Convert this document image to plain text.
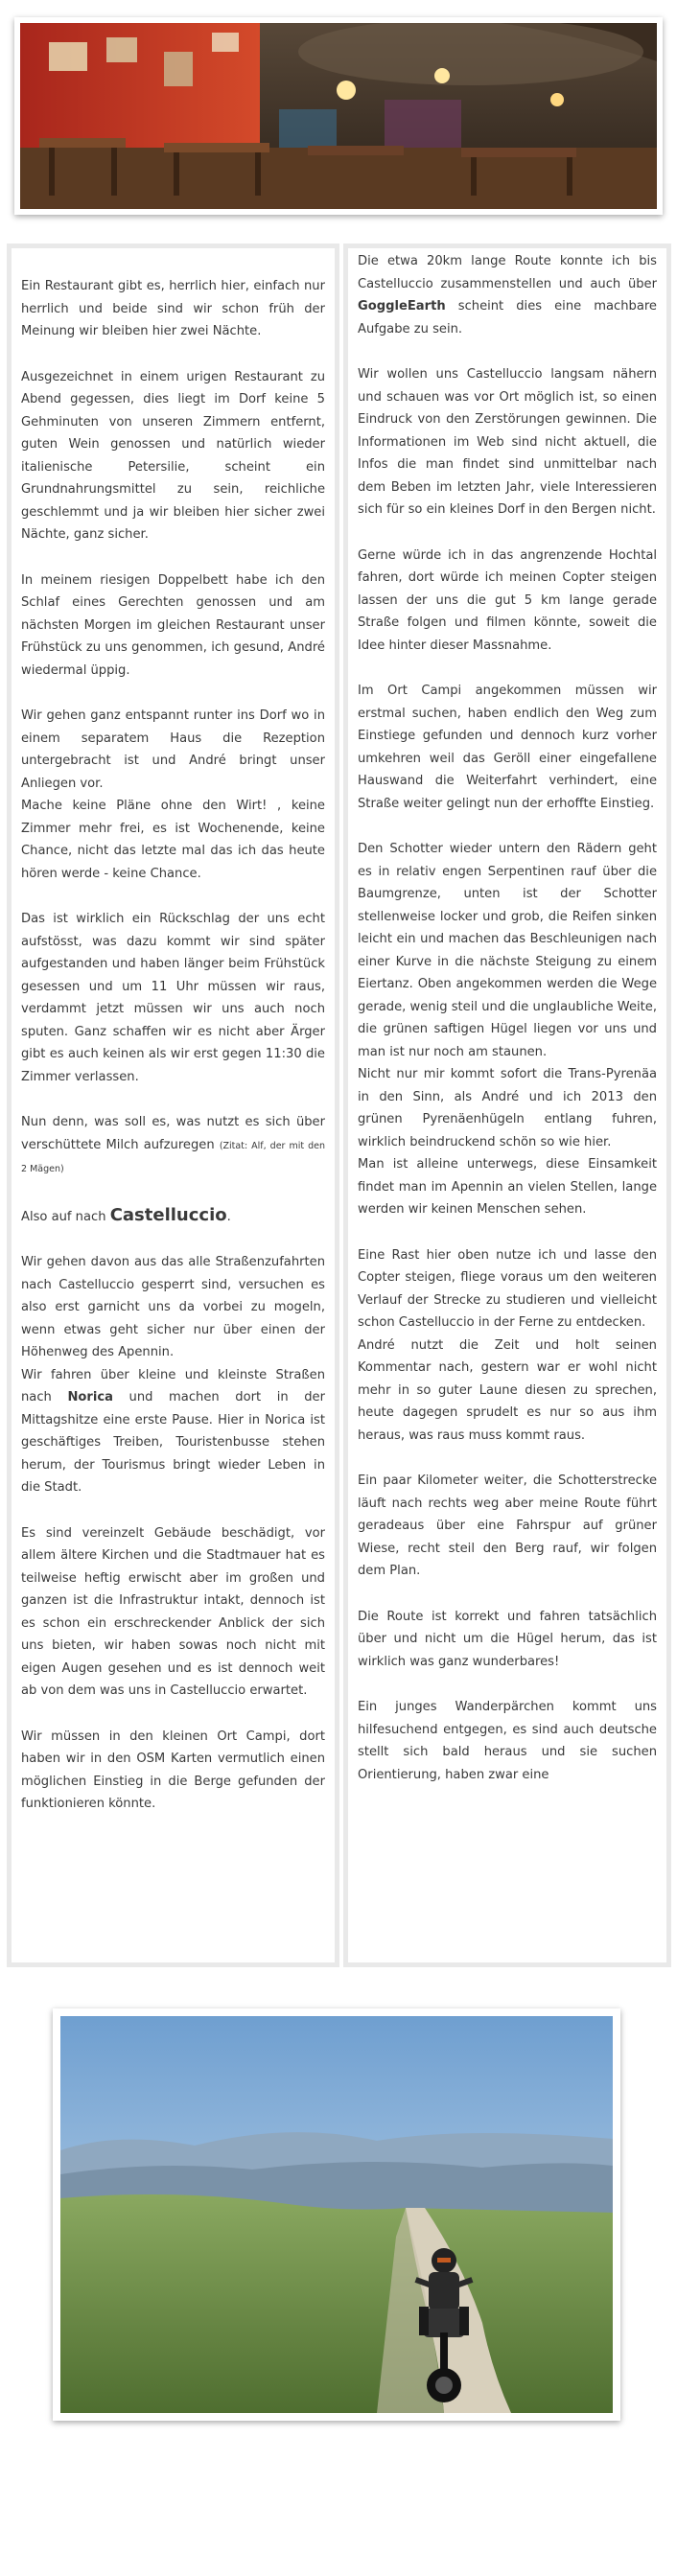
Ein Restaurant gibt es, herrlich hier, einfach nur herrlich und beide sind wir schon früh der Meinung wir bleiben hier zwei Nächte.

Ausgezeichnet in einem urigen Restaurant zu Abend gegessen, dies liegt im Dorf keine 5 Gehminuten von unseren Zimmern entfernt, guten Wein genossen und natürlich wieder italienische Petersilie, scheint ein Grundnahrungsmittel zu sein, reichliche geschlemmt und ja wir bleiben hier sicher zwei Nächte, ganz sicher.

In meinem riesigen Doppelbett habe ich den Schlaf eines Gerechten genossen und am nächsten Morgen im gleichen Restaurant unser Frühstück zu uns genommen, ich gesund, André wiedermal üppig.

Wir gehen ganz entspannt runter ins Dorf wo in einem separatem Haus die Rezeption untergebracht ist und André bringt unser Anliegen vor.
Mache keine Pläne ohne den Wirt! , keine Zimmer mehr frei, es ist Wochenende, keine Chance, nicht das letzte mal das ich das heute hören werde - keine Chance.

Das ist wirklich ein Rückschlag der uns echt aufstösst, was dazu kommt wir sind später aufgestanden und haben länger beim Frühstück gesessen und um 11 Uhr müssen wir raus, verdammt jetzt müssen wir uns auch noch sputen. Ganz schaffen wir es nicht aber Ärger gibt es auch keinen als wir erst gegen 11:30 die Zimmer verlassen.

Nun denn, was soll es, was nutzt es sich über verschüttete Milch aufzuregen (Zitat: Alf, der mit den 2 Mägen)

Also auf nach Castelluccio.

Wir gehen davon aus das alle Straßenzufahrten nach Castelluccio gesperrt sind, versuchen es also erst garnicht uns da vorbei zu mogeln, wenn etwas geht sicher nur über einen der Höhenweg des Apennin.
Wir fahren über kleine und kleinste Straßen nach Norica und machen dort in der Mittagshitze eine erste Pause. Hier in Norica ist geschäftiges Treiben, Touristenbusse stehen herum, der Tourismus bringt wieder Leben in die Stadt.

Es sind vereinzelt Gebäude beschädigt, vor allem ältere Kirchen und die Stadtmauer hat es teilweise heftig erwischt aber im großen und ganzen ist die Infrastruktur intakt, dennoch ist es schon ein erschreckender Anblick der sich uns bieten, wir haben sowas noch nicht mit eigen Augen gesehen und es ist dennoch weit ab von dem was uns in Castelluccio erwartet.

Wir müssen in den kleinen Ort Campi, dort haben wir in den OSM Karten vermutlich einen möglichen Einstieg in die Berge gefunden der funktionieren könnte.

Die etwa 20km lange Route konnte ich bis Castelluccio zusammenstellen und auch über GoggleEarth scheint dies eine machbare Aufgabe zu sein.

Wir wollen uns Castelluccio langsam nähern und schauen was vor Ort möglich ist, so einen Eindruck von den Zerstörungen gewinnen. Die Informationen im Web sind nicht aktuell, die Infos die man findet sind unmittelbar nach dem Beben im letzten Jahr, viele Interessieren sich für so ein kleines Dorf in den Bergen nicht.

Gerne würde ich in das angrenzende Hochtal fahren, dort würde ich meinen Copter steigen lassen der uns die gut 5 km lange gerade Straße folgen und filmen könnte, soweit die Idee hinter dieser Massnahme.

Im Ort Campi angekommen müssen wir erstmal suchen, haben endlich den Weg zum Einstiege gefunden und dennoch kurz vorher umkehren weil das Geröll einer eingefallene Hauswand die Weiterfahrt verhindert, eine Straße weiter gelingt nun der erhoffte Einstieg.

Den Schotter wieder untern den Rädern geht es in relativ engen Serpentinen rauf über die Baumgrenze, unten ist der Schotter stellenweise locker und grob, die Reifen sinken leicht ein und machen das Beschleunigen nach einer Kurve in die nächste Steigung zu einem Eiertanz. Oben angekommen werden die Wege gerade, wenig steil und die unglaubliche Weite, die grünen saftigen Hügel liegen vor uns und man ist nur noch am staunen.
Nicht nur mir kommt sofort die Trans-Pyrenäa in den Sinn, als André und ich 2013 den grünen Pyrenäenhügeln entlang fuhren, wirklich beindruckend schön so wie hier.
Man ist alleine unterwegs, diese Einsamkeit findet man im Apennin an vielen Stellen, lange werden wir keinen Menschen sehen.

Eine Rast hier oben nutze ich und lasse den Copter steigen, fliege voraus um den weiteren Verlauf der Strecke zu studieren und vielleicht schon Castelluccio in der Ferne zu entdecken.
André nutzt die Zeit und holt seinen Kommentar nach, gestern war er wohl nicht mehr in so guter Laune diesen zu sprechen, heute dagegen sprudelt es nur so aus ihm heraus, was raus muss kommt raus.

Ein paar Kilometer weiter, die Schotterstrecke läuft nach rechts weg aber meine Route führt geradeaus über eine Fahrspur auf grüner Wiese, recht steil den Berg rauf, wir folgen dem Plan.

Die Route ist korrekt und fahren tatsächlich über und nicht um die Hügel herum, das ist wirklich was ganz wunderbares!

Ein junges Wanderpärchen kommt uns hilfesuchend entgegen, es sind auch deutsche stellt sich bald heraus und sie suchen Orientierung, haben zwar eine
